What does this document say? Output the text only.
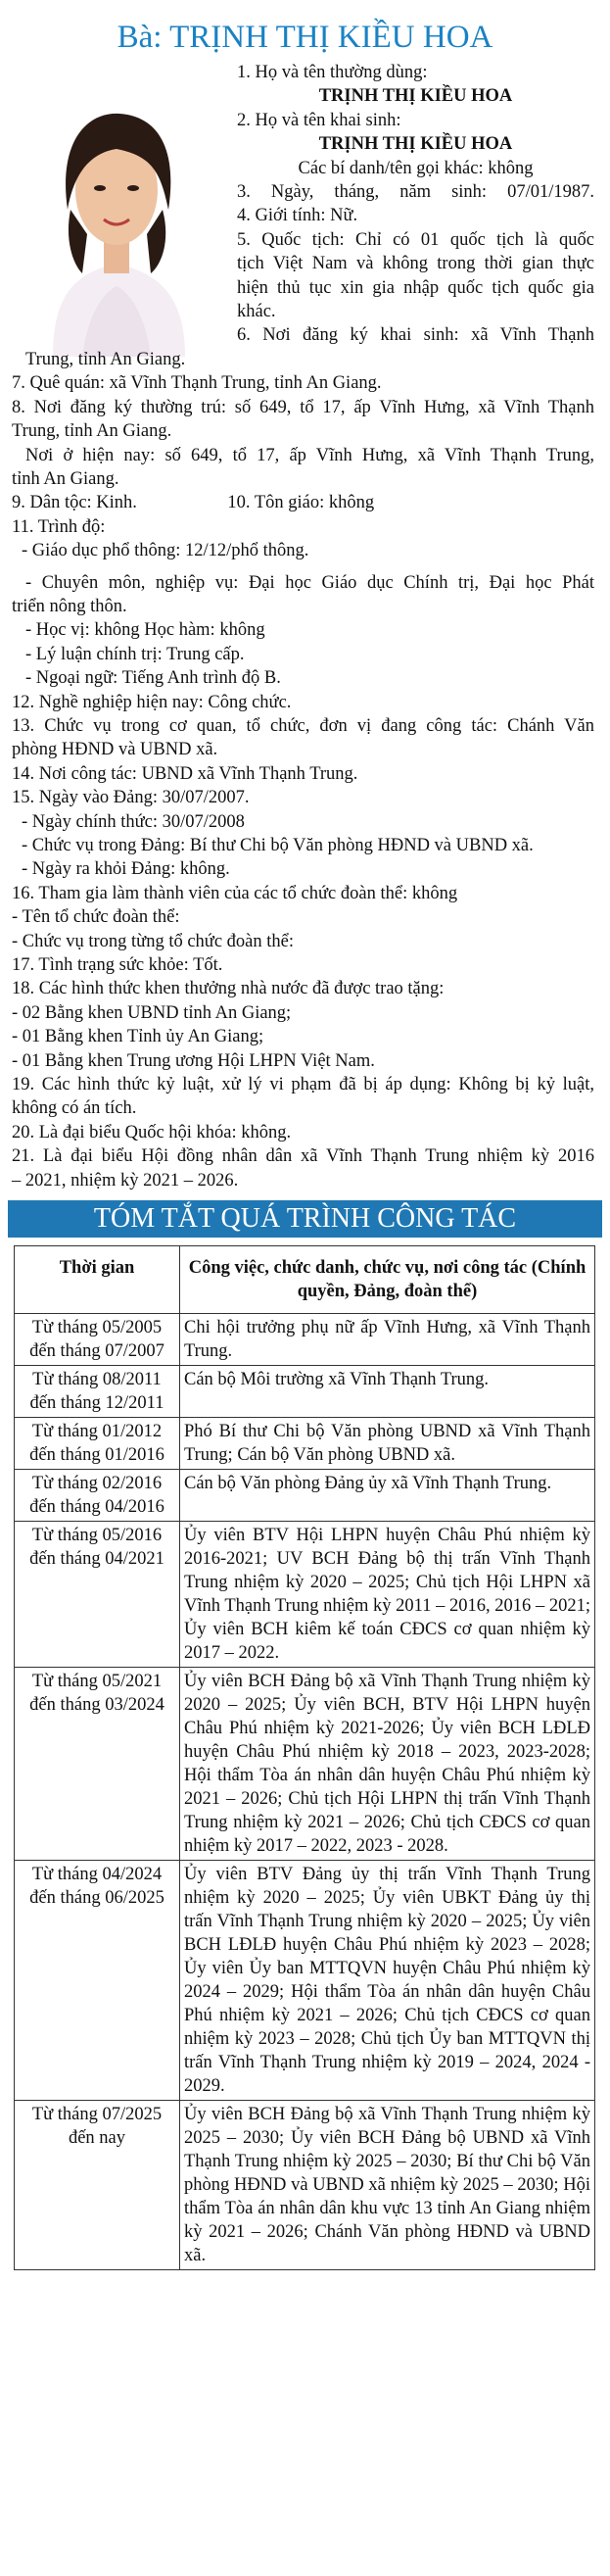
Bà: TRỊNH THỊ KIỀU HOA
1. Họ và tên thường dùng:
TRỊNH THỊ KIỀU HOA
2. Họ và tên khai sinh:
TRỊNH THỊ KIỀU HOA
Các bí danh/tên gọi khác: không
3. Ngày, tháng, năm sinh: 07/01/1987.
4. Giới tính: Nữ.
5. Quốc tịch: Chỉ có 01 quốc tịch là quốc
tịch Việt Nam và không trong thời gian thực
hiện thủ tục xin gia nhập quốc tịch quốc gia
khác.
6. Nơi đăng ký khai sinh: xã Vĩnh Thạnh
Trung, tỉnh An Giang.
7. Quê quán: xã Vĩnh Thạnh Trung, tỉnh An Giang.
8. Nơi đăng ký thường trú: số 649, tổ 17, ấp Vĩnh Hưng, xã Vĩnh Thạnh
Trung, tỉnh An Giang.
Nơi ở hiện nay: số 649, tổ 17, ấp Vĩnh Hưng, xã Vĩnh Thạnh Trung,
tỉnh An Giang.
9. Dân tộc: Kinh.                    10. Tôn giáo: không
11. Trình độ:
- Giáo dục phổ thông: 12/12/phổ thông.
- Chuyên môn, nghiệp vụ: Đại học Giáo dục Chính trị, Đại học Phát
triển nông thôn.
- Học vị: không Học hàm: không
- Lý luận chính trị: Trung cấp.
- Ngoại ngữ: Tiếng Anh trình độ B.
12. Nghề nghiệp hiện nay: Công chức.
13. Chức vụ trong cơ quan, tổ chức, đơn vị đang công tác: Chánh Văn
phòng HĐND và UBND xã.
14. Nơi công tác: UBND xã Vĩnh Thạnh Trung.
15. Ngày vào Đảng: 30/07/2007.
- Ngày chính thức: 30/07/2008
- Chức vụ trong Đảng: Bí thư Chi bộ Văn phòng HĐND và UBND xã.
- Ngày ra khỏi Đảng: không.
16. Tham gia làm thành viên của các tổ chức đoàn thể: không
- Tên tổ chức đoàn thể:
- Chức vụ trong từng tổ chức đoàn thể:
17. Tình trạng sức khỏe: Tốt.
18. Các hình thức khen thưởng nhà nước đã được trao tặng:
- 02 Bằng khen UBND tỉnh An Giang;
- 01 Bằng khen Tỉnh ủy An Giang;
- 01 Bằng khen Trung ương Hội LHPN Việt Nam.
19. Các hình thức kỷ luật, xử lý vi phạm đã bị áp dụng: Không bị kỷ luật,
không có án tích.
20. Là đại biểu Quốc hội khóa: không.
21. Là đại biểu Hội đồng nhân dân xã Vĩnh Thạnh Trung nhiệm kỳ 2016
– 2021, nhiệm kỳ 2021 – 2026.
TÓM TẮT QUÁ TRÌNH CÔNG TÁC
Thời gian	Công việc, chức danh, chức vụ, nơi công tác (Chính quyền, Đảng, đoàn thể)
Từ tháng 05/2005 đến tháng 07/2007	Chi hội trưởng phụ nữ ấp Vĩnh Hưng, xã Vĩnh Thạnh Trung.
Từ tháng 08/2011 đến tháng 12/2011	Cán bộ Môi trường xã Vĩnh Thạnh Trung.
Từ tháng 01/2012 đến tháng 01/2016	Phó Bí thư Chi bộ Văn phòng UBND xã Vĩnh Thạnh Trung; Cán bộ Văn phòng UBND xã.
Từ tháng 02/2016 đến tháng 04/2016	Cán bộ Văn phòng Đảng ủy xã Vĩnh Thạnh Trung.
Từ tháng 05/2016 đến tháng 04/2021	Ủy viên BTV Hội LHPN huyện Châu Phú nhiệm kỳ 2016-2021; UV BCH Đảng bộ thị trấn Vĩnh Thạnh Trung nhiệm kỳ 2020 – 2025; Chủ tịch Hội LHPN xã Vĩnh Thạnh Trung nhiệm kỳ 2011 – 2016, 2016 – 2021; Ủy viên BCH kiêm kế toán CĐCS cơ quan nhiệm kỳ 2017 – 2022.
Từ tháng 05/2021 đến tháng 03/2024	Ủy viên BCH Đảng bộ xã Vĩnh Thạnh Trung nhiệm kỳ 2020 – 2025; Ủy viên BCH, BTV Hội LHPN huyện Châu Phú nhiệm kỳ 2021-2026; Ủy viên BCH LĐLĐ huyện Châu Phú nhiệm kỳ 2018 – 2023, 2023-2028; Hội thẩm Tòa án nhân dân huyện Châu Phú nhiệm kỳ 2021 – 2026; Chủ tịch Hội LHPN thị trấn Vĩnh Thạnh Trung nhiệm kỳ 2021 – 2026; Chủ tịch CĐCS cơ quan nhiệm kỳ 2017 – 2022, 2023 - 2028.
Từ tháng 04/2024 đến tháng 06/2025	Ủy viên BTV Đảng ủy thị trấn Vĩnh Thạnh Trung nhiệm kỳ 2020 – 2025; Ủy viên UBKT Đảng ủy thị trấn Vĩnh Thạnh Trung nhiệm kỳ 2020 – 2025; Ủy viên BCH LĐLĐ huyện Châu Phú nhiệm kỳ 2023 – 2028; Ủy viên Ủy ban MTTQVN huyện Châu Phú nhiệm kỳ 2024 – 2029; Hội thẩm Tòa án nhân dân huyện Châu Phú nhiệm kỳ 2021 – 2026; Chủ tịch CĐCS cơ quan nhiệm kỳ 2023 – 2028; Chủ tịch Ủy ban MTTQVN thị trấn Vĩnh Thạnh Trung nhiệm kỳ 2019 – 2024, 2024 - 2029.
Từ tháng 07/2025 đến nay	Ủy viên BCH Đảng bộ xã Vĩnh Thạnh Trung nhiệm kỳ 2025 – 2030; Ủy viên BCH Đảng bộ UBND xã Vĩnh Thạnh Trung nhiệm kỳ 2025 – 2030; Bí thư Chi bộ Văn phòng HĐND và UBND xã nhiệm kỳ 2025 – 2030; Hội thẩm Tòa án nhân dân khu vực 13 tỉnh An Giang nhiệm kỳ 2021 – 2026; Chánh Văn phòng HĐND và UBND xã.
